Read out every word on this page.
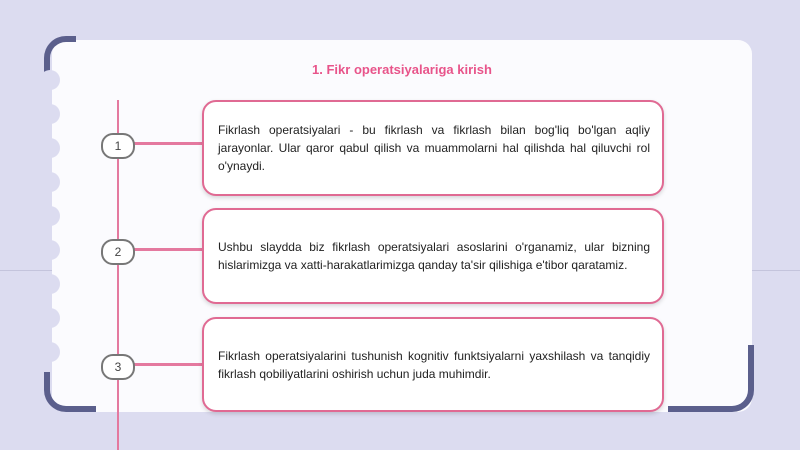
1. Fikr operatsiyalariga kirish
1

Fikrlash operatsiyalari - bu fikrlash va fikrlash bilan bog'liq bo'lgan aqliy jarayonlar. Ular qaror qabul qilish va muammolarni hal qilishda hal qiluvchi rol o'ynaydi.

2	Ushbu slaydda biz fikrlash operatsiyalari asoslarini o'rganamiz, ular bizning hislarimizga va xatti-harakatlarimizga qanday ta'sir qilishiga e'tibor qaratamiz.

3

Fikrlash operatsiyalarini tushunish kognitiv funktsiyalarni yaxshilash va tanqidiy fikrlash qobiliyatlarini oshirish uchun juda muhimdir.
